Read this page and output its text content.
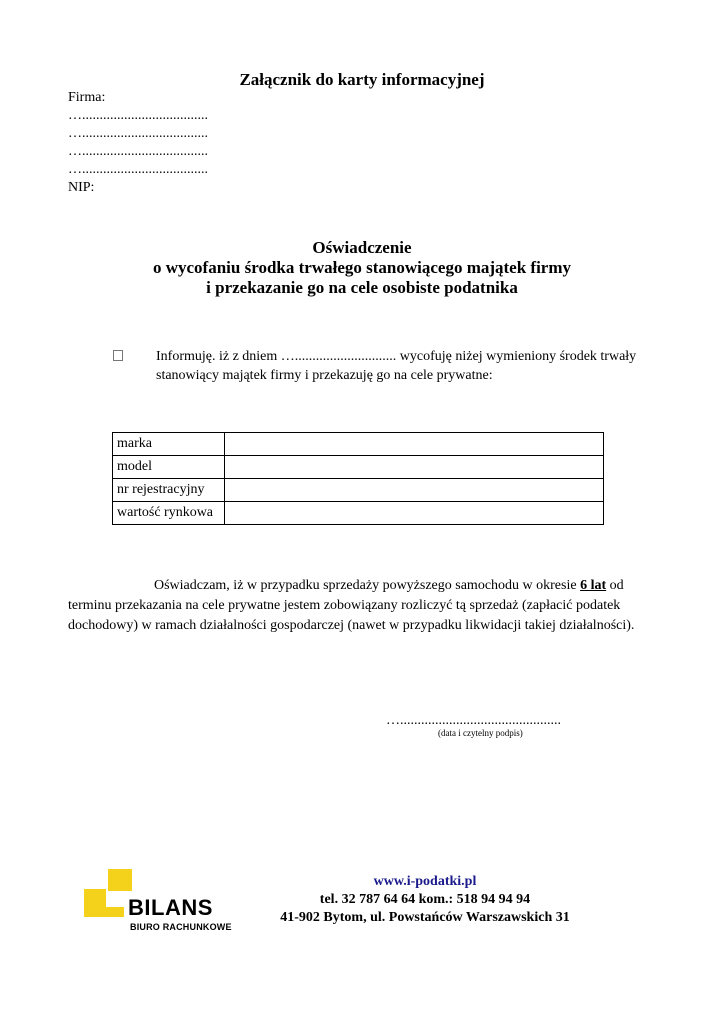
Załącznik do karty informacyjnej
Firma:
…....................................
…....................................
…....................................
…....................................
NIP:
Oświadczenie
o wycofaniu środka trwałego stanowiącego majątek firmy
i przekazanie go na cele osobiste podatnika
Informuję. iż z dniem …............................. wycofuję niżej wymieniony środek trwały stanowiący majątek firmy i przekazuję go na cele prywatne:
marka	
model	
nr rejestracyjny	
wartość rynkowa	
Oświadczam, iż w przypadku sprzedaży powyższego samochodu w okresie 6 lat od terminu przekazania na cele prywatne jestem zobowiązany rozliczyć tą sprzedaż (zapłacić podatek dochodowy) w ramach działalności gospodarczej (nawet w przypadku likwidacji takiej działalności).
…..............................................
(data i czytelny podpis)
BILANS
BIURO RACHUNKOWE
www.i-podatki.pl
tel. 32 787 64 64 kom.: 518 94 94 94
41-902 Bytom, ul. Powstańców Warszawskich 31
